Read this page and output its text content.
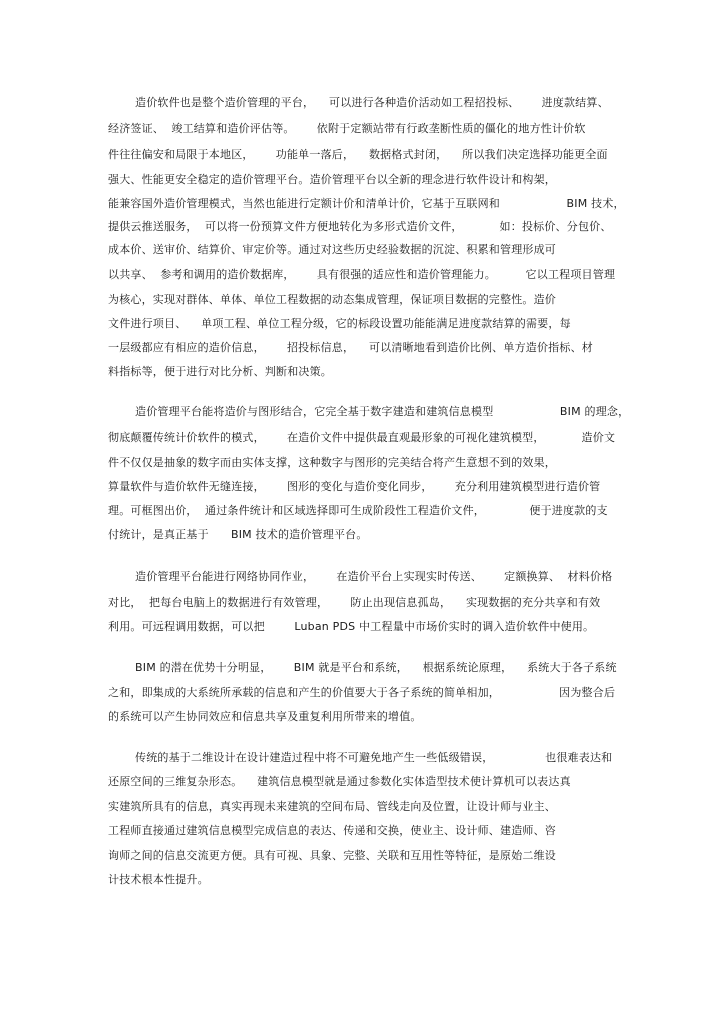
造价软件也是整个造价管理的平台，    可以进行各种造价活动如工程招投标、      进度款结算、
经济签证、  竣工结算和造价评估等。      依附于定额站带有行政垄断性质的僵化的地方性计价软
件往往偏安和局限于本地区，      功能单一落后，    数据格式封闭，    所以我们决定选择功能更全面
强大、性能更安全稳定的造价管理平台。造价管理平台以全新的理念进行软件设计和构架，
能兼容国外造价管理模式，当然也能进行定额计价和清单计价，它基于互联网和                  BIM 技术，
提供云推送服务，  可以将一份预算文件方便地转化为多形式造价文件，          如：投标价、分包价、
成本价、送审价、结算价、审定价等。通过对这些历史经验数据的沉淀、积累和管理形成可
以共享、  参考和调用的造价数据库，      具有很强的适应性和造价管理能力。        它以工程项目管理
为核心，实现对群体、单体、单位工程数据的动态集成管理，保证项目数据的完整性。造价
文件进行项目、    单项工程、单位工程分级，它的标段设置功能能满足进度款结算的需要，每
一层级都应有相应的造价信息，      招投标信息，    可以清晰地看到造价比例、单方造价指标、材
料指标等，便于进行对比分析、判断和决策。
造价管理平台能将造价与图形结合，它完全基于数字建造和建筑信息模型                  BIM 的理念，
彻底颠覆传统计价软件的模式，      在造价文件中提供最直观最形象的可视化建筑模型，          造价文
件不仅仅是抽象的数字而由实体支撑，这种数字与图形的完美结合将产生意想不到的效果，
算量软件与造价软件无缝连接，      图形的变化与造价变化同步，      充分利用建筑模型进行造价管
理。可框图出价，  通过条件统计和区域选择即可生成阶段性工程造价文件，            便于进度款的支
付统计，是真正基于      BIM 技术的造价管理平台。
造价管理平台能进行网络协同作业，      在造价平台上实现实时传送、      定额换算、  材料价格
对比，  把每台电脑上的数据进行有效管理，      防止出现信息孤岛，    实现数据的充分共享和有效
利用。可远程调用数据，可以把        Luban PDS 中工程量中市场价实时的调入造价软件中使用。
BIM 的潜在优势十分明显，      BIM 就是平台和系统，    根据系统论原理，    系统大于各子系统
之和，即集成的大系统所承载的信息和产生的价值要大于各子系统的简单相加，                因为整合后
的系统可以产生协同效应和信息共享及重复利用所带来的增值。
传统的基于二维设计在设计建造过程中将不可避免地产生一些低级错误，              也很难表达和
还原空间的三维复杂形态。    建筑信息模型就是通过参数化实体造型技术使计算机可以表达真
实建筑所具有的信息，真实再现未来建筑的空间布局、管线走向及位置，让设计师与业主、
工程师直接通过建筑信息模型完成信息的表达、传递和交换，使业主、设计师、建造师、咨
询师之间的信息交流更方便。具有可视、具象、完整、关联和互用性等特征，是原始二维设
计技术根本性提升。
